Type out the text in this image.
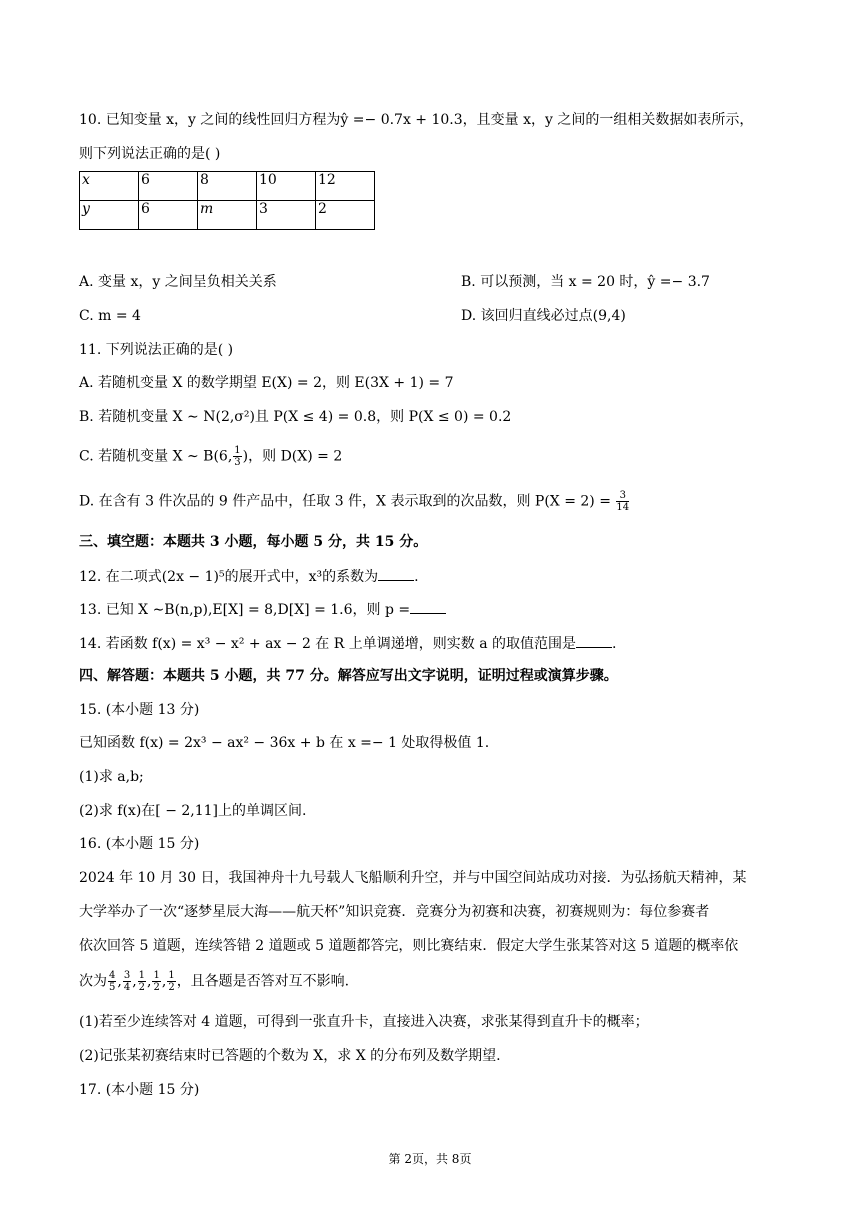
10. 已知变量 x，y 之间的线性回归方程为ŷ =− 0.7x + 10.3，且变量 x，y 之间的一组相关数据如表所示，
则下列说法正确的是( )
x	6	8	10	12
y	6	m	3	2
A. 变量 x，y 之间呈负相关关系	B. 可以预测，当 x = 20 时，ŷ =− 3.7
C. m = 4	D. 该回归直线必过点(9,4)
11. 下列说法正确的是( )
A. 若随机变量 X 的数学期望 E(X) = 2，则 E(3X + 1) = 7
B. 若随机变量 X ∼ N(2,σ²)且 P(X ≤ 4) = 0.8，则 P(X ≤ 0) = 0.2
C. 若随机变量 X ∼ B(6, $\frac{1}{3}$ )，则 D(X) = 2
D. 在含有 3 件次品的 9 件产品中，任取 3 件，X 表示取到的次品数，则 $P(X = 2) = \frac{3}{14}$
三、填空题：本题共 3 小题，每小题 5 分，共 15 分。
12. 在二项式(2x − 1)⁵的展开式中，x³的系数为	.
13. 已知 X ∼B(n,p),E[X] = 8,D[X] = 1.6，则 p =
14. 若函数 f(x) = x³ − x² + ax − 2 在 R 上单调递增，则实数 a 的取值范围是	.
四、解答题：本题共 5 小题，共 77 分。解答应写出文字说明，证明过程或演算步骤。
15. (本小题 13 分)
已知函数 f(x) = 2x³ − ax² − 36x + b 在 x =− 1 处取得极值 1.
(1)求 a,b;
(2)求 f(x)在[ − 2,11]上的单调区间.
16. (本小题 15 分)
2024 年 10 月 30 日，我国神舟十九号载人飞船顺利升空，并与中国空间站成功对接．为弘扬航天精神，某
大学举办了一次“逐梦星辰大海——航天杯”知识竞赛．竞赛分为初赛和决赛，初赛规则为：每位参赛者
依次回答 5 道题，连续答错 2 道题或 5 道题都答完，则比赛结束．假定大学生张某答对这 5 道题的概率依
次为 $\frac{4}{5}$ , $\frac{3}{4}$ , $\frac{1}{2}$ , $\frac{1}{2}$ , $\frac{1}{2}$ ，且各题是否答对互不影响.
(1)若至少连续答对 4 道题，可得到一张直升卡，直接进入决赛，求张某得到直升卡的概率；
(2)记张某初赛结束时已答题的个数为 X，求 X 的分布列及数学期望.
17. (本小题 15 分)
第 2页，共 8页
